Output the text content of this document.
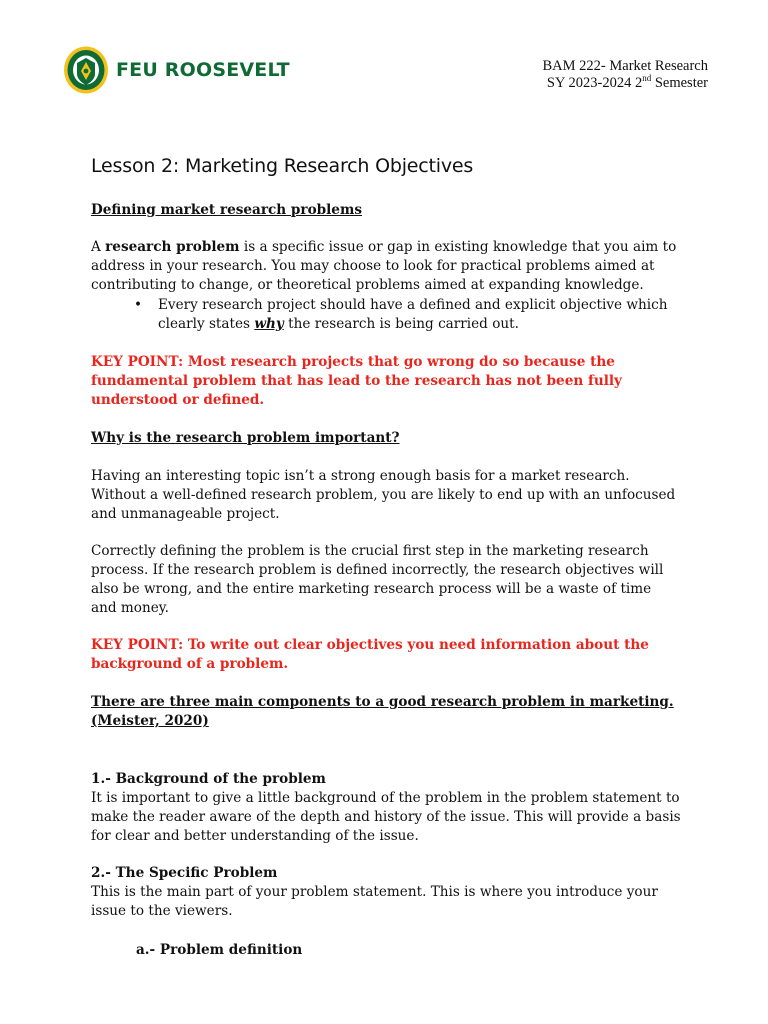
FEU ROOSEVELT	BAM 222- Market Research
SY 2023-2024 2nd Semester
Lesson 2: Marketing Research Objectives

Defining market research problems

A research problem is a specific issue or gap in existing knowledge that you aim to address in your research. You may choose to look for practical problems aimed at contributing to change, or theoretical problems aimed at expanding knowledge.

• Every research project should have a defined and explicit objective which clearly states why the research is being carried out.

KEY POINT: Most research projects that go wrong do so because the fundamental problem that has lead to the research has not been fully understood or defined.

Why is the research problem important?

Having an interesting topic isn’t a strong enough basis for a market research. Without a well-defined research problem, you are likely to end up with an unfocused and unmanageable project.

Correctly defining the problem is the crucial first step in the marketing research process. If the research problem is defined incorrectly, the research objectives will also be wrong, and the entire marketing research process will be a waste of time and money.

KEY POINT: To write out clear objectives you need information about the background of a problem.

There are three main components to a good research problem in marketing. (Meister, 2020)

1.- Background of the problem

It is important to give a little background of the problem in the problem statement to make the reader aware of the depth and history of the issue. This will provide a basis for clear and better understanding of the issue.

2.- The Specific Problem

This is the main part of your problem statement. This is where you introduce your issue to the viewers.

a.- Problem definition
